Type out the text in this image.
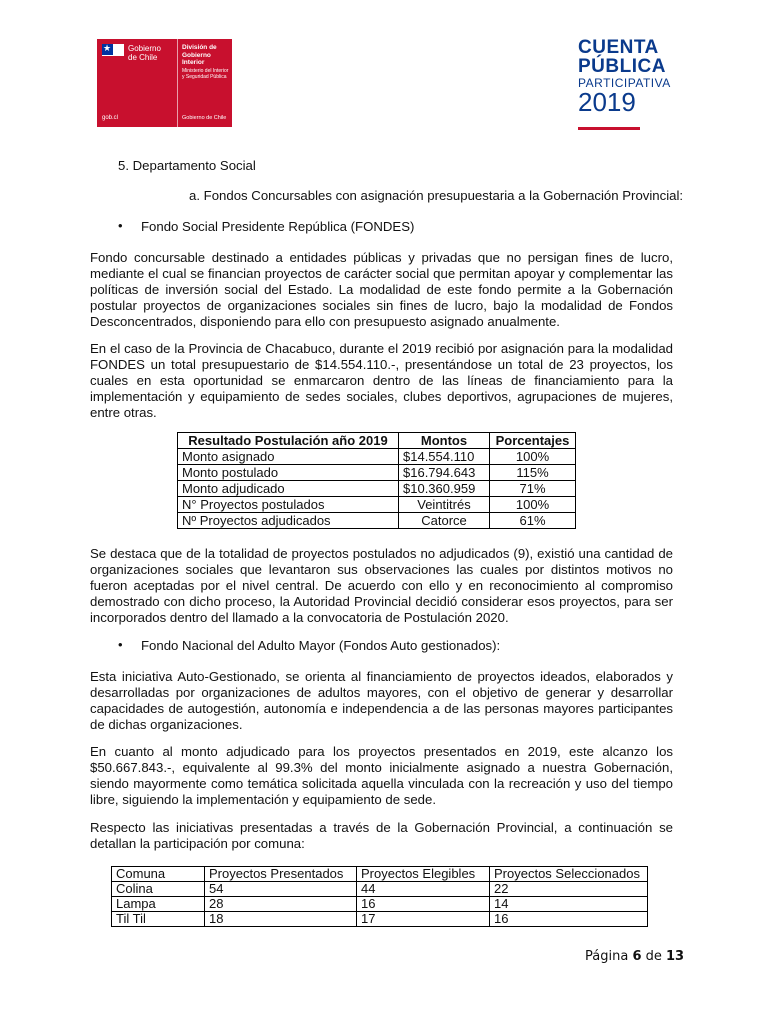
★ Gobierno
de Chile
gob.cl
División de Gobierno Interior
Ministerio del Interior y Seguridad Pública
Gobierno de Chile
CUENTA
PÚBLICA
PARTICIPATIVA
2019
5. Departamento Social
a. Fondos Concursables con asignación presupuestaria a la Gobernación Provincial:
• Fondo Social Presidente República (FONDES)
Fondo concursable destinado a entidades públicas y privadas que no persigan fines de lucro, mediante el cual se financian proyectos de carácter social que permitan apoyar y complementar las políticas de inversión social del Estado. La modalidad de este fondo permite a la Gobernación postular proyectos de organizaciones sociales sin fines de lucro, bajo la modalidad de Fondos Desconcentrados, disponiendo para ello con presupuesto asignado anualmente.
En el caso de la Provincia de Chacabuco, durante el 2019 recibió por asignación para la modalidad FONDES un total presupuestario de $14.554.110.-, presentándose un total de 23 proyectos, los cuales en esta oportunidad se enmarcaron dentro de las líneas de financiamiento para la implementación y equipamiento de sedes sociales, clubes deportivos, agrupaciones de mujeres, entre otras.
Resultado Postulación año 2019	Montos	Porcentajes
Monto asignado	$14.554.110	100%
Monto postulado	$16.794.643	115%
Monto adjudicado	$10.360.959	71%
N° Proyectos postulados	Veintitrés	100%
Nº Proyectos adjudicados	Catorce	61%
Se destaca que de la totalidad de proyectos postulados no adjudicados (9), existió una cantidad de organizaciones sociales que levantaron sus observaciones las cuales por distintos motivos no fueron aceptadas por el nivel central. De acuerdo con ello y en reconocimiento al compromiso demostrado con dicho proceso, la Autoridad Provincial decidió considerar esos proyectos, para ser incorporados dentro del llamado a la convocatoria de Postulación 2020.
• Fondo Nacional del Adulto Mayor (Fondos Auto gestionados):
Esta iniciativa Auto-Gestionado, se orienta al financiamiento de proyectos ideados, elaborados y desarrolladas por organizaciones de adultos mayores, con el objetivo de generar y desarrollar capacidades de autogestión, autonomía e independencia a de las personas mayores participantes de dichas organizaciones.
En cuanto al monto adjudicado para los proyectos presentados en 2019, este alcanzo los $50.667.843.-, equivalente al 99.3% del monto inicialmente asignado a nuestra Gobernación, siendo mayormente como temática solicitada aquella vinculada con la recreación y uso del tiempo libre, siguiendo la implementación y equipamiento de sede.
Respecto las iniciativas presentadas a través de la Gobernación Provincial, a continuación se detallan la participación por comuna:
Comuna	Proyectos Presentados	Proyectos Elegibles	Proyectos Seleccionados
Colina	54	44	22
Lampa	28	16	14
Til Til	18	17	16
Página 6 de 13
